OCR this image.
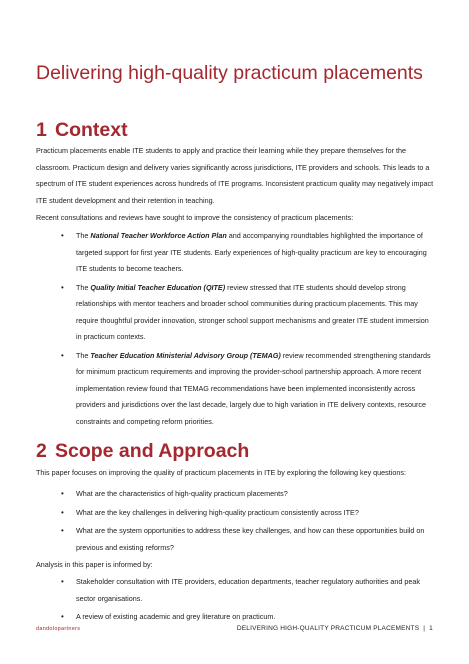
Delivering high-quality practicum placements
1 Context

Practicum placements enable ITE students to apply and practice their learning while they prepare themselves for the classroom. Practicum design and delivery varies significantly across jurisdictions, ITE providers and schools. This leads to a spectrum of ITE student experiences across hundreds of ITE programs. Inconsistent practicum quality may negatively impact ITE student development and their retention in teaching.

Recent consultations and reviews have sought to improve the consistency of practicum placements:

• The National Teacher Workforce Action Plan and accompanying roundtables highlighted the importance of targeted support for first year ITE students. Early experiences of high-quality practicum are key to encouraging ITE students to become teachers.
• The Quality Initial Teacher Education (QITE) review stressed that ITE students should develop strong relationships with mentor teachers and broader school communities during practicum placements. This may require thoughtful provider innovation, stronger school support mechanisms and greater ITE student immersion in practicum contexts.
• The Teacher Education Ministerial Advisory Group (TEMAG) review recommended strengthening standards for minimum practicum requirements and improving the provider-school partnership approach. A more recent implementation review found that TEMAG recommendations have been implemented inconsistently across providers and jurisdictions over the last decade, largely due to high variation in ITE delivery contexts, resource constraints and competing reform priorities.
2 Scope and Approach

This paper focuses on improving the quality of practicum placements in ITE by exploring the following key questions:

• What are the characteristics of high-quality practicum placements?
• What are the key challenges in delivering high-quality practicum consistently across ITE?
• What are the system opportunities to address these key challenges, and how can these opportunities build on previous and existing reforms?

Analysis in this paper is informed by:

• Stakeholder consultation with ITE providers, education departments, teacher regulatory authorities and peak sector organisations.
• A review of existing academic and grey literature on practicum.
dandolopartners	DELIVERING HIGH-QUALITY PRACTICUM PLACEMENTS  |  1
